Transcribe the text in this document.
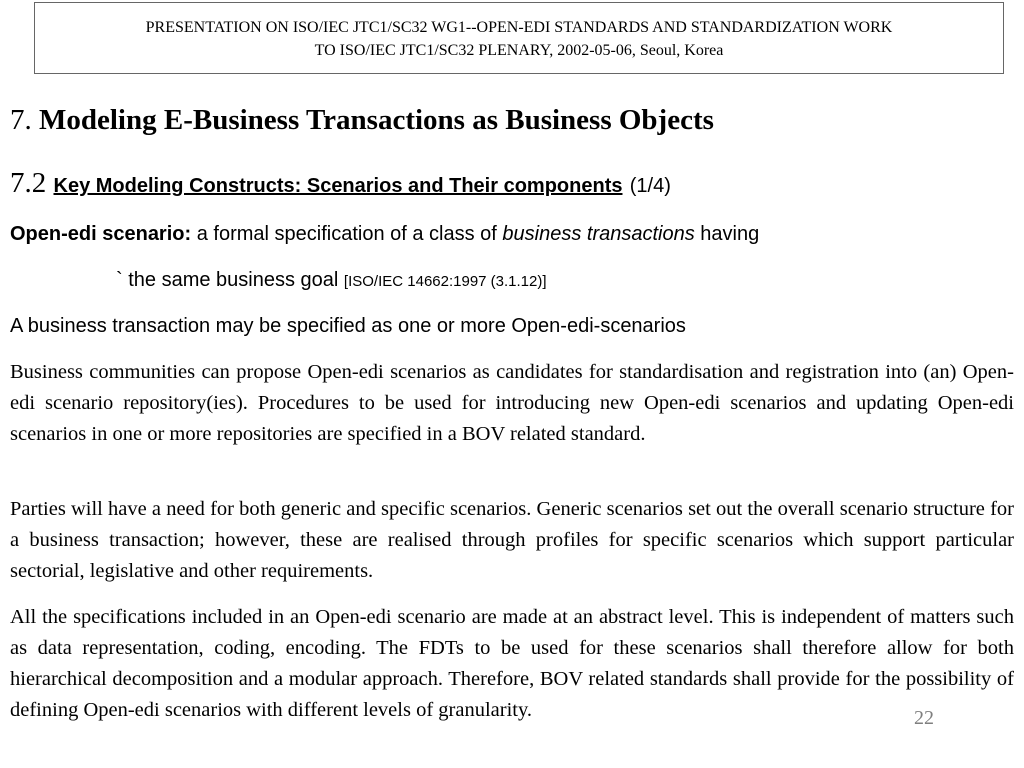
PRESENTATION ON ISO/IEC JTC1/SC32 WG1--OPEN-EDI STANDARDS AND STANDARDIZATION WORK
TO ISO/IEC JTC1/SC32 PLENARY, 2002-05-06, Seoul, Korea
7. Modeling E-Business Transactions as Business Objects
7.2 Key Modeling Constructs: Scenarios and Their components (1/4)
Open-edi scenario: a formal specification of a class of business transactions having
` the same business goal [ISO/IEC 14662:1997 (3.1.12)]
A business transaction may be specified as one or more Open-edi-scenarios

Business communities can propose Open-edi scenarios as candidates for standardisation and registration into (an) Open-edi scenario repository(ies). Procedures to be used for introducing new Open-edi scenarios and updating Open-edi scenarios in one or more repositories are specified in a BOV related standard.

Parties will have a need for both generic and specific scenarios. Generic scenarios set out the overall scenario structure for a business transaction; however, these are realised through profiles for specific scenarios which support particular sectorial, legislative and other requirements.

All the specifications included in an Open-edi scenario are made at an abstract level. This is independent of matters such as data representation, coding, encoding. The FDTs to be used for these scenarios shall therefore allow for both hierarchical decomposition and a modular approach. Therefore, BOV related standards shall provide for the possibility of defining Open-edi scenarios with different levels of granularity.	22
